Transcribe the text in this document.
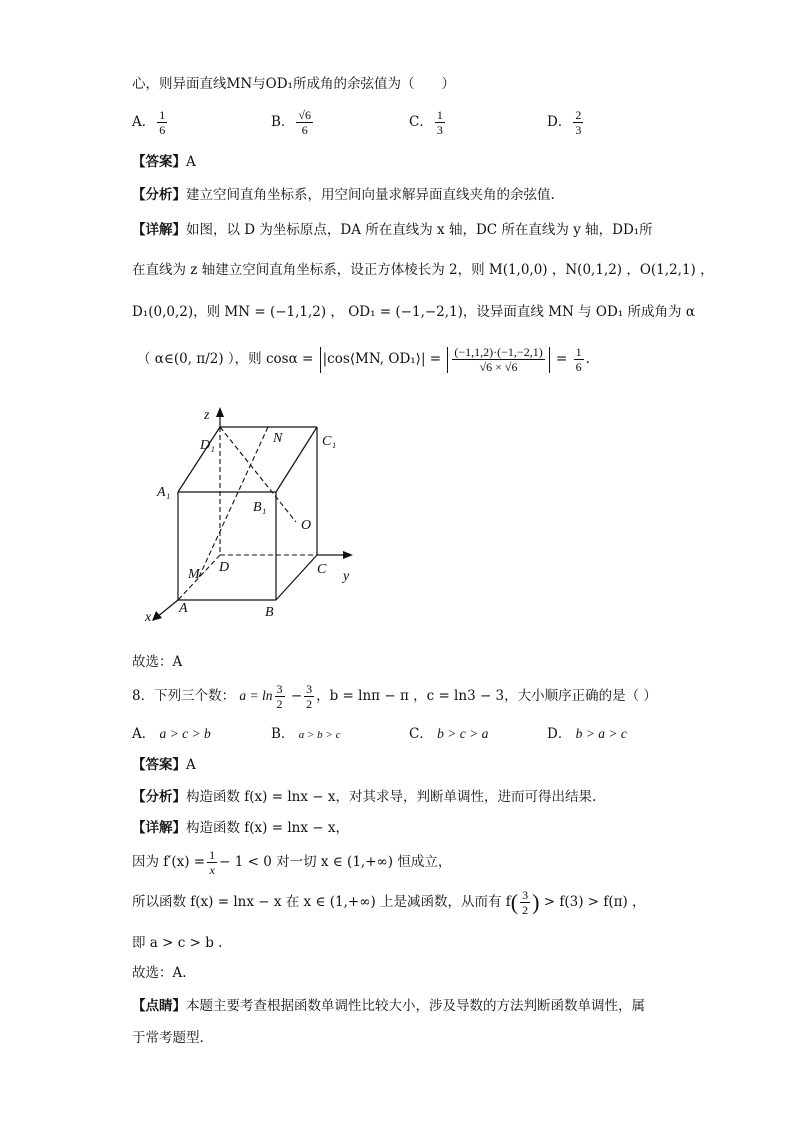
心，则异面直线MN与OD₁所成角的余弦值为（　　）
A． $\frac{1}{6}$	B． $\frac{√6}{6}$	C． $\frac{1}{3}$	D． $\frac{2}{3}$
【答案】A
【分析】建立空间直角坐标系，用空间向量求解异面直线夹角的余弦值.
【详解】如图，以 D 为坐标原点，DA 所在直线为 x 轴，DC 所在直线为 y 轴，DD₁所
在直线为 z 轴建立空间直角坐标系，设正方体棱长为 2，则 M(1,0,0) ，N(0,1,2) ，O(1,2,1) ，
D₁(0,0,2)，则 MN = (−1,1,2) ， OD₁ = (−1,−2,1)，设异面直线 MN 与 OD₁ 所成角为 α
（ α∈(0, π/2) ），则 cosα = |cos⟨MN, OD₁⟩| = $\frac{(-1,1,2)\cdot(-1,-2,1)}{√6 \times √6} = \frac{1}{6}$ .
z
D₁	N	C₁
A₁
B₁
O
D	C y
M
A	B
x
故选：A
8．下列三个数： $a = \ln \frac{3}{2} - \frac{3}{2}$ ，b = lnπ − π ，c = ln3 − 3，大小顺序正确的是（ ）
A． a > c > b	B． a > b > c	C． b > c > a	D． b > a > c
【答案】A
【分析】构造函数 f(x) = lnx − x，对其求导，判断单调性，进而可得出结果.
【详解】构造函数 f(x) = lnx − x，
因为 $f'(x) = \frac{1}{x} - 1 < 0$ 对一切 x ∈ (1,+∞) 恒成立，
所以函数 f(x) = lnx − x 在 x ∈ (1,+∞) 上是减函数，从而有 $f( \frac{3}{2}$ ) > f(3) > f(π) ，
即 a > c > b .
故选：A.
【点睛】本题主要考查根据函数单调性比较大小，涉及导数的方法判断函数单调性，属
于常考题型.
